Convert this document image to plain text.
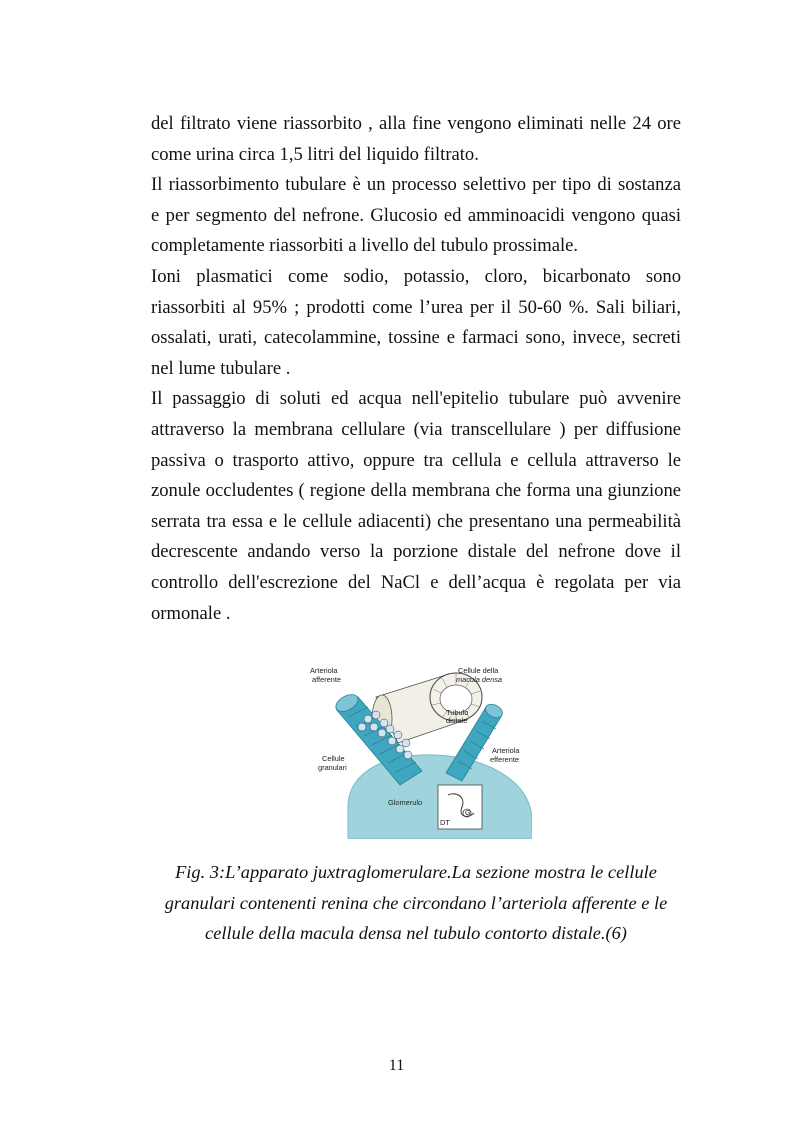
del filtrato viene riassorbito , alla fine vengono eliminati nelle 24 ore
come urina circa 1,5 litri del liquido filtrato.
Il riassorbimento tubulare è un processo selettivo per tipo di sostanza
e per segmento del nefrone. Glucosio ed amminoacidi vengono quasi
completamente riassorbiti a livello del tubulo prossimale.
Ioni plasmatici come sodio, potassio, cloro, bicarbonato sono
riassorbiti al 95% ; prodotti come l’urea per il 50-60 %. Sali biliari,
ossalati, urati, catecolammine, tossine e farmaci sono, invece, secreti
nel lume tubulare .
Il passaggio di soluti ed acqua nell'epitelio tubulare può avvenire
attraverso la membrana cellulare (via transcellulare ) per diffusione
passiva o trasporto attivo, oppure tra cellula e cellula attraverso le
zonule occludentes ( regione della membrana che forma una giunzione
serrata tra essa e le cellule adiacenti) che presentano una permeabilità
decrescente andando verso la porzione distale del nefrone dove il
controllo dell'escrezione del NaCl e dell’acqua è regolata per via
ormonale .
Arteriola
afferente
Cellule della
macula densa
Tubulo
distale
Arteriola
efferente
Cellule
granulari
Glomerulo
DT
G
Fig. 3:L’apparato juxtraglomerulare.La sezione mostra le cellule
granulari contenenti renina che circondano l’arteriola afferente e le
cellule della macula densa nel tubulo contorto distale.(6)
11
